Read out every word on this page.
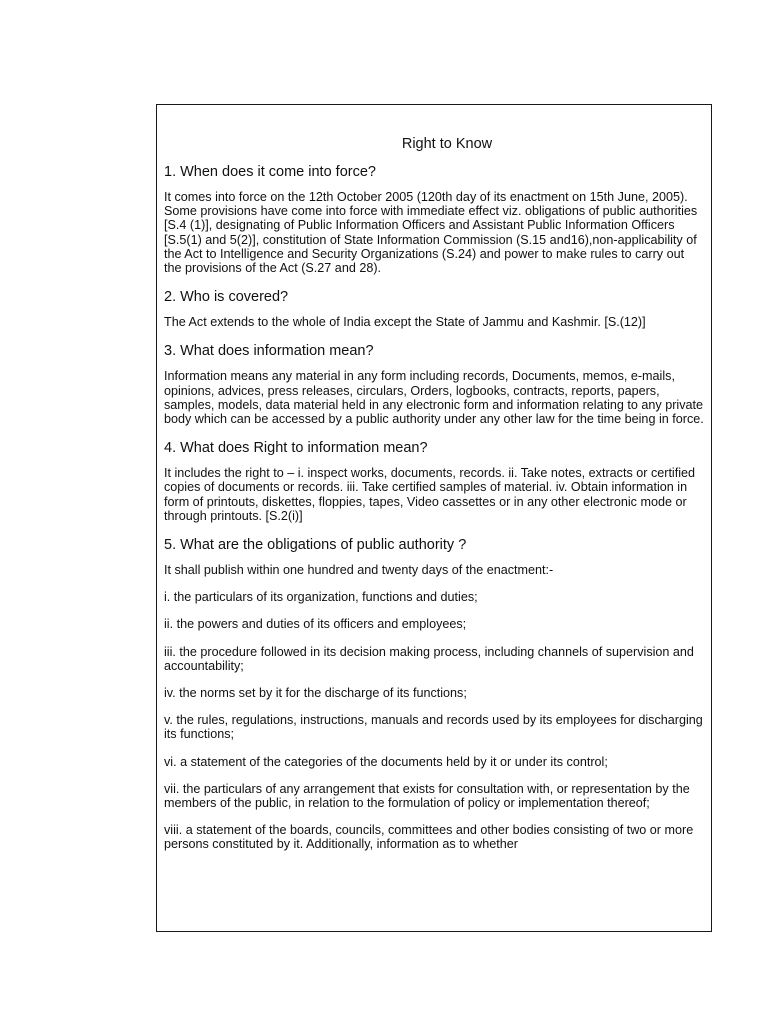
Right to Know
1. When does it come into force?
It comes into force on the 12th October 2005 (120th day of its enactment on 15th June, 2005). Some provisions have come into force with immediate effect viz. obligations of public authorities [S.4 (1)], designating of Public Information Officers and Assistant Public Information Officers [S.5(1) and 5(2)], constitution of State Information Commission (S.15 and16),non-applicability of the Act to Intelligence and Security Organizations (S.24) and power to make rules to carry out the provisions of the Act (S.27 and 28).
2. Who is covered?
The Act extends to the whole of India except the State of Jammu and Kashmir. [S.(12)]
3. What does information mean?
Information means any material in any form including records, Documents, memos, e-mails, opinions, advices, press releases, circulars, Orders, logbooks, contracts, reports, papers, samples, models, data material held in any electronic form and information relating to any private body which can be accessed by a public authority under any other law for the time being in force.
4. What does Right to information mean?
It includes the right to – i. inspect works, documents, records. ii. Take notes, extracts or certified copies of documents or records. iii. Take certified samples of material. iv. Obtain information in form of printouts, diskettes, floppies, tapes, Video cassettes or in any other electronic mode or through printouts. [S.2(i)]
5. What are the obligations of public authority ?
It shall publish within one hundred and twenty days of the enactment:-
i. the particulars of its organization, functions and duties;
ii. the powers and duties of its officers and employees;
iii. the procedure followed in its decision making process, including channels of supervision and accountability;
iv. the norms set by it for the discharge of its functions;
v. the rules, regulations, instructions, manuals and records used by its employees for discharging its functions;
vi. a statement of the categories of the documents held by it or under its control;
vii. the particulars of any arrangement that exists for consultation with, or representation by the members of the public, in relation to the formulation of policy or implementation thereof;
viii. a statement of the boards, councils, committees and other bodies consisting of two or more persons constituted by it. Additionally, information as to whether
